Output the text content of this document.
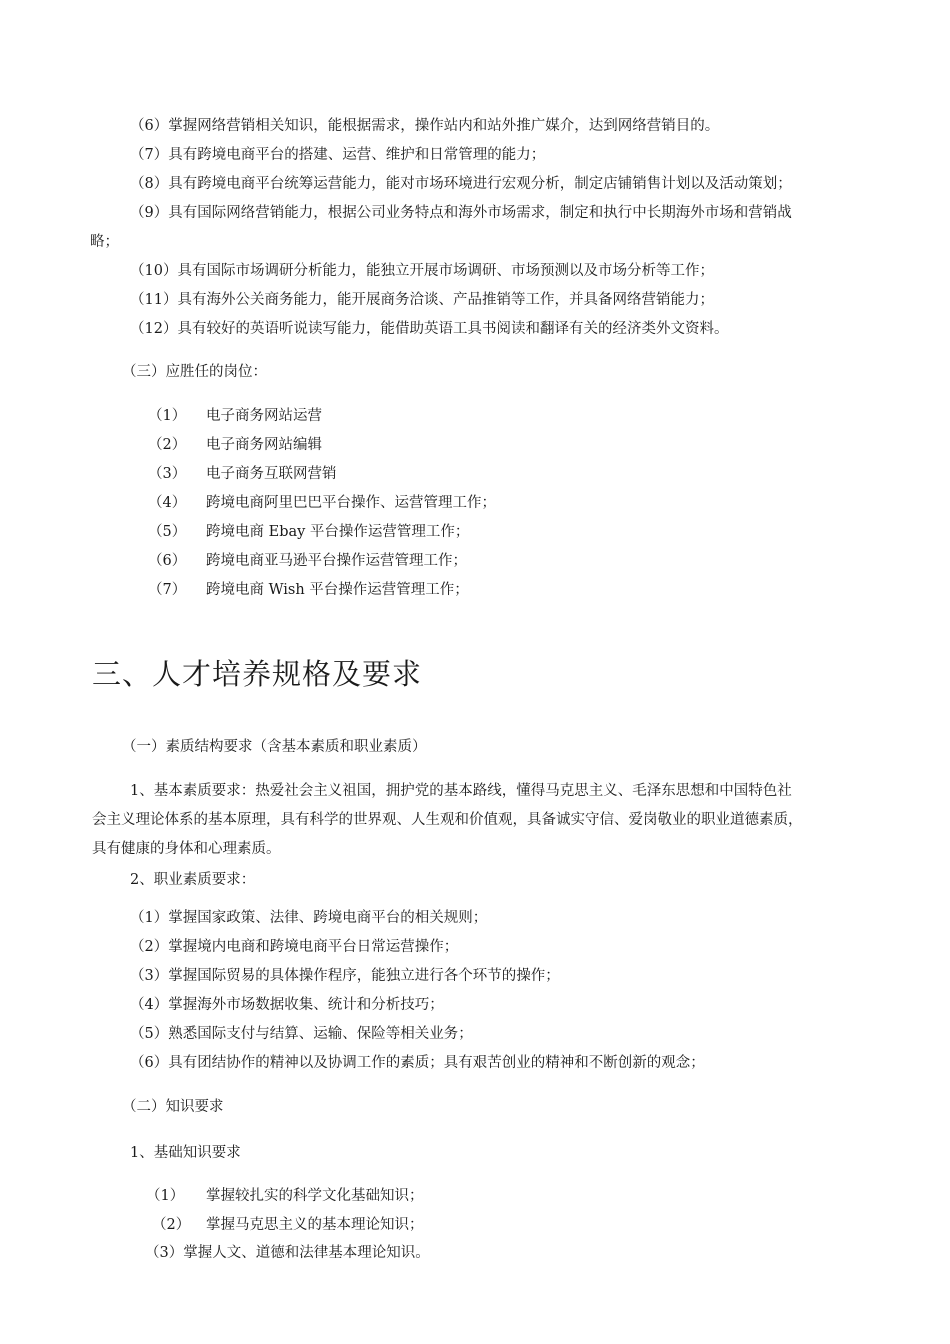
（6）掌握网络营销相关知识，能根据需求，操作站内和站外推广媒介，达到网络营销目的。
（7）具有跨境电商平台的搭建、运营、维护和日常管理的能力；
（8）具有跨境电商平台统筹运营能力，能对市场环境进行宏观分析，制定店铺销售计划以及活动策划；
（9）具有国际网络营销能力，根据公司业务特点和海外市场需求，制定和执行中长期海外市场和营销战
略；
（10）具有国际市场调研分析能力，能独立开展市场调研、市场预测以及市场分析等工作；
（11）具有海外公关商务能力，能开展商务洽谈、产品推销等工作，并具备网络营销能力；
（12）具有较好的英语听说读写能力，能借助英语工具书阅读和翻译有关的经济类外文资料。
（三）应胜任的岗位：
（1） 电子商务网站运营
（2） 电子商务网站编辑
（3） 电子商务互联网营销
（4） 跨境电商阿里巴巴平台操作、运营管理工作；
（5） 跨境电商 Ebay 平台操作运营管理工作；
（6） 跨境电商亚马逊平台操作运营管理工作；
（7） 跨境电商 Wish 平台操作运营管理工作；
三、人才培养规格及要求
（一）素质结构要求（含基本素质和职业素质）
1、基本素质要求：热爱社会主义祖国，拥护党的基本路线，懂得马克思主义、毛泽东思想和中国特色社
会主义理论体系的基本原理，具有科学的世界观、人生观和价值观，具备诚实守信、爱岗敬业的职业道德素质，
具有健康的身体和心理素质。
2、职业素质要求：
（1）掌握国家政策、法律、跨境电商平台的相关规则；
（2）掌握境内电商和跨境电商平台日常运营操作；
（3）掌握国际贸易的具体操作程序，能独立进行各个环节的操作；
（4）掌握海外市场数据收集、统计和分析技巧；
（5）熟悉国际支付与结算、运输、保险等相关业务；
（6）具有团结协作的精神以及协调工作的素质；具有艰苦创业的精神和不断创新的观念；
（二）知识要求
1、基础知识要求
（1） 掌握较扎实的科学文化基础知识；
（2） 掌握马克思主义的基本理论知识；
（3）掌握人文、道德和法律基本理论知识。
